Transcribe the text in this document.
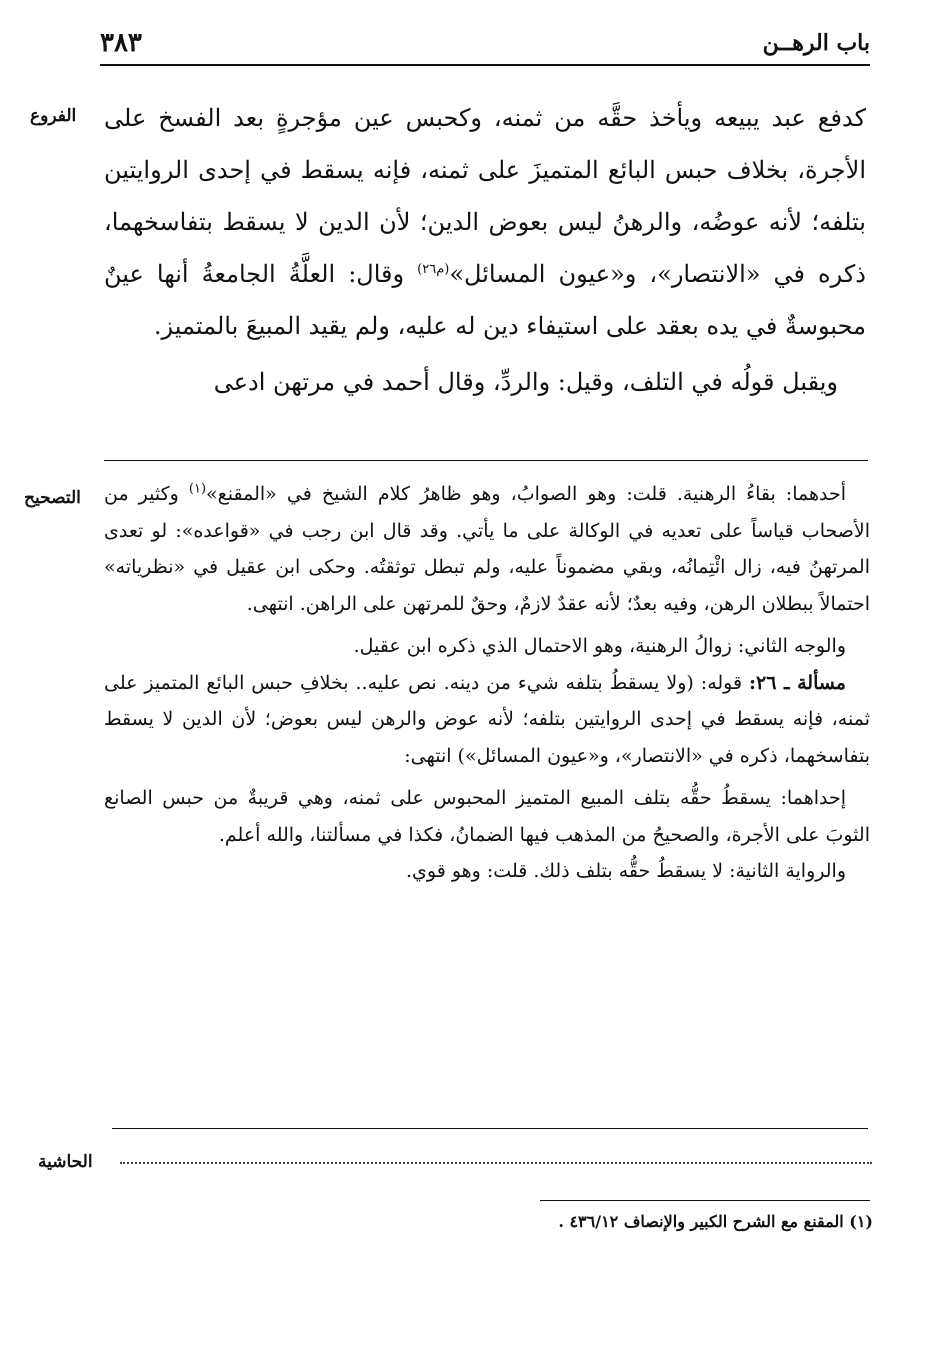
باب الرهــن
٣٨٣
الفروع
التصحيح
الحاشية

كدفع عبد يبيعه ويأخذ حقَّه من ثمنه، وكحبس عين مؤجرةٍ بعد الفسخ على الأجرة، بخلاف حبس البائع المتميزَ على ثمنه، فإنه يسقط في إحدى الروايتين بتلفه؛ لأنه عوضُه، والرهنُ ليس بعوض الدين؛ لأن الدين لا يسقط بتفاسخهما، ذكره في «الانتصار»، و«عيون المسائل»$^{(م٢٦)}$ وقال: العلَّةُ الجامعةُ أنها عينٌ محبوسةٌ في يده بعقد على استيفاء دين له عليه، ولم يقيد المبيعَ بالمتميز.

ويقبل قولُه في التلف، وقيل: والردِّ، وقال أحمد في مرتهن ادعى

أحدهما: بقاءُ الرهنية. قلت: وهو الصوابُ، وهو ظاهرُ كلام الشيخ في «المقنع»$^{(١)}$ وكثير من الأصحاب قياساً على تعديه في الوكالة على ما يأتي. وقد قال ابن رجب في «قواعده»: لو تعدى المرتهنُ فيه، زال ائْتِمانُه، وبقي مضموناً عليه، ولم تبطل توثقتُه. وحكى ابن عقيل في «نظرياته» احتمالاً ببطلان الرهن، وفيه بعدٌ؛ لأنه عقدٌ لازمٌ، وحقٌ للمرتهن على الراهن. انتهى.

والوجه الثاني: زوالُ الرهنية، وهو الاحتمال الذي ذكره ابن عقيل.

مسألة ـ ٢٦: قوله: (ولا يسقطُ بتلفه شيء من دينه. نص عليه.. بخلافِ حبس البائع المتميز على ثمنه، فإنه يسقط في إحدى الروايتين بتلفه؛ لأنه عوض والرهن ليس بعوض؛ لأن الدين لا يسقط بتفاسخهما، ذكره في «الانتصار»، و«عيون المسائل») انتهى:

إحداهما: يسقطُ حقُّه بتلف المبيع المتميز المحبوس على ثمنه، وهي قريبةٌ من حبس الصانع الثوبَ على الأجرة، والصحيحُ من المذهب فيها الضمانُ، فكذا في مسألتنا، والله أعلم.

والرواية الثانية: لا يسقطُ حقُّه بتلف ذلك. قلت: وهو قوي.

(١) المقنع مع الشرح الكبير والإنصاف ٤٣٦/١٢ .
